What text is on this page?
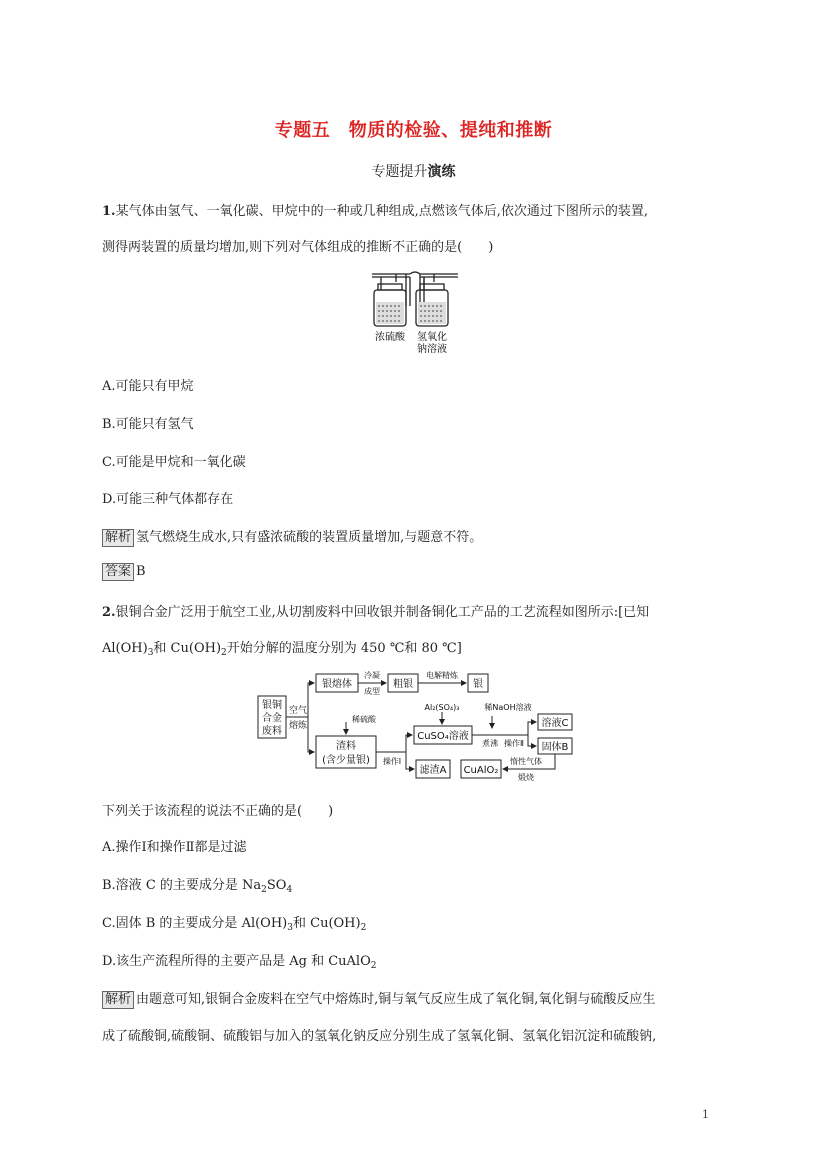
专题五　物质的检验、提纯和推断
专题提升演练
1.某气体由氢气、一氧化碳、甲烷中的一种或几种组成,点燃该气体后,依次通过下图所示的装置,
测得两装置的质量均增加,则下列对气体组成的推断不正确的是(　　)
浓硫酸 氢氧化
钠溶液
A.可能只有甲烷
B.可能只有氢气
C.可能是甲烷和一氧化碳
D.可能三种气体都存在
解析 氢气燃烧生成水,只有盛浓硫酸的装置质量增加,与题意不符。
答案 B
2.银铜合金广泛用于航空工业,从切割废料中回收银并制备铜化工产品的工艺流程如图所示:[已知
$Al(OH)_3$和 $Cu(OH)_2$开始分解的温度分别为 450 ℃和 80 ℃]
银铜
合金
废料
空气
熔炼
银熔体
冷凝
成型
粗银
电解精炼
银
稀硫酸
渣料
(含少量银) 操作Ⅰ
Al₂(SO₄)₃	稀NaOH溶液
CuSO₄溶液
煮沸 操作Ⅱ
溶液C
固体B
滤渣A CuAlO₂
惰性气体
煅烧
下列关于该流程的说法不正确的是(　　)
A.操作Ⅰ和操作Ⅱ都是过滤
B.溶液 C 的主要成分是 $Na_2SO_4$
C.固体 B 的主要成分是 $Al(OH)_3$和 $Cu(OH)_2$
D.该生产流程所得的主要产品是 Ag 和 CuAlO$_2$
解析 由题意可知,银铜合金废料在空气中熔炼时,铜与氧气反应生成了氧化铜,氧化铜与硫酸反应生
成了硫酸铜,硫酸铜、硫酸铝与加入的氢氧化钠反应分别生成了氢氧化铜、氢氧化铝沉淀和硫酸钠,
1
